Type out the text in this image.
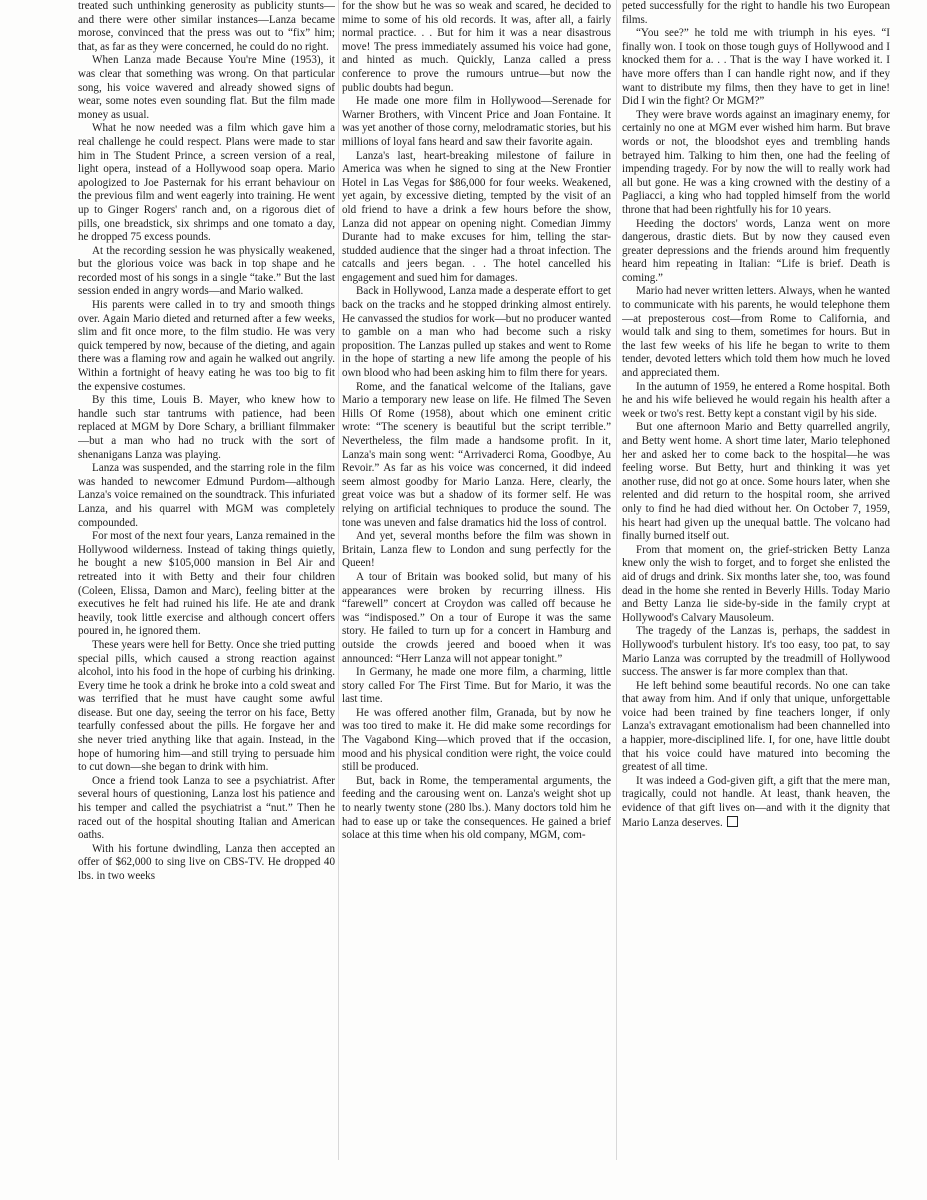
treated such unthinking generosity as publicity stunts—and there were other similar instances—Lanza became morose, convinced that the press was out to “fix” him; that, as far as they were concerned, he could do no right.

When Lanza made Because You're Mine (1953), it was clear that something was wrong. On that particular song, his voice wavered and already showed signs of wear, some notes even sounding flat. But the film made money as usual.

What he now needed was a film which gave him a real challenge he could respect. Plans were made to star him in The Student Prince, a screen version of a real, light opera, instead of a Hollywood soap opera. Mario apologized to Joe Pasternak for his errant behaviour on the previous film and went eagerly into training. He went up to Ginger Rogers' ranch and, on a rigorous diet of pills, one breadstick, six shrimps and one tomato a day, he dropped 75 excess pounds.

At the recording session he was physically weakened, but the glorious voice was back in top shape and he recorded most of his songs in a single “take.” But the last session ended in angry words—and Mario walked.

His parents were called in to try and smooth things over. Again Mario dieted and returned after a few weeks, slim and fit once more, to the film studio. He was very quick tempered by now, because of the dieting, and again there was a flaming row and again he walked out angrily. Within a fortnight of heavy eating he was too big to fit the expensive costumes.

By this time, Louis B. Mayer, who knew how to handle such star tantrums with patience, had been replaced at MGM by Dore Schary, a brilliant filmmaker—but a man who had no truck with the sort of shenanigans Lanza was playing.

Lanza was suspended, and the starring role in the film was handed to newcomer Edmund Purdom—although Lanza's voice remained on the soundtrack. This infuriated Lanza, and his quarrel with MGM was completely compounded.

For most of the next four years, Lanza remained in the Hollywood wilderness. Instead of taking things quietly, he bought a new $105,000 mansion in Bel Air and retreated into it with Betty and their four children (Coleen, Elissa, Damon and Marc), feeling bitter at the executives he felt had ruined his life. He ate and drank heavily, took little exercise and although concert offers poured in, he ignored them.

These years were hell for Betty. Once she tried putting special pills, which caused a strong reaction against alcohol, into his food in the hope of curbing his drinking. Every time he took a drink he broke into a cold sweat and was terrified that he must have caught some awful disease. But one day, seeing the terror on his face, Betty tearfully confessed about the pills. He forgave her and she never tried anything like that again. Instead, in the hope of humoring him—and still trying to persuade him to cut down—she began to drink with him.

Once a friend took Lanza to see a psychiatrist. After several hours of questioning, Lanza lost his patience and his temper and called the psychiatrist a “nut.” Then he raced out of the hospital shouting Italian and American oaths.

With his fortune dwindling, Lanza then accepted an offer of $62,000 to sing live on CBS-TV. He dropped 40 lbs. in two weeks

for the show but he was so weak and scared, he decided to mime to some of his old records. It was, after all, a fairly normal practice. . . But for him it was a near disastrous move! The press immediately assumed his voice had gone, and hinted as much. Quickly, Lanza called a press conference to prove the rumours untrue—but now the public doubts had begun.

He made one more film in Hollywood—Serenade for Warner Brothers, with Vincent Price and Joan Fontaine. It was yet another of those corny, melodramatic stories, but his millions of loyal fans heard and saw their favorite again.

Lanza's last, heart-breaking milestone of failure in America was when he signed to sing at the New Frontier Hotel in Las Vegas for $86,000 for four weeks. Weakened, yet again, by excessive dieting, tempted by the visit of an old friend to have a drink a few hours before the show, Lanza did not appear on opening night. Comedian Jimmy Durante had to make excuses for him, telling the star-studded audience that the singer had a throat infection. The catcalls and jeers began. . . The hotel cancelled his engagement and sued him for damages.

Back in Hollywood, Lanza made a desperate effort to get back on the tracks and he stopped drinking almost entirely. He canvassed the studios for work—but no producer wanted to gamble on a man who had become such a risky proposition. The Lanzas pulled up stakes and went to Rome in the hope of starting a new life among the people of his own blood who had been asking him to film there for years.

Rome, and the fanatical welcome of the Italians, gave Mario a temporary new lease on life. He filmed The Seven Hills Of Rome (1958), about which one eminent critic wrote: “The scenery is beautiful but the script terrible.” Nevertheless, the film made a handsome profit. In it, Lanza's main song went: “Arrivaderci Roma, Goodbye, Au Revoir.” As far as his voice was concerned, it did indeed seem almost goodby for Mario Lanza. Here, clearly, the great voice was but a shadow of its former self. He was relying on artificial techniques to produce the sound. The tone was uneven and false dramatics hid the loss of control.

And yet, several months before the film was shown in Britain, Lanza flew to London and sung perfectly for the Queen!

A tour of Britain was booked solid, but many of his appearances were broken by recurring illness. His “farewell” concert at Croydon was called off because he was “indisposed.” On a tour of Europe it was the same story. He failed to turn up for a concert in Hamburg and outside the crowds jeered and booed when it was announced: “Herr Lanza will not appear tonight.”

In Germany, he made one more film, a charming, little story called For The First Time. But for Mario, it was the last time.

He was offered another film, Granada, but by now he was too tired to make it. He did make some recordings for The Vagabond King—which proved that if the occasion, mood and his physical condition were right, the voice could still be produced.

But, back in Rome, the temperamental arguments, the feeding and the carousing went on. Lanza's weight shot up to nearly twenty stone (280 lbs.). Many doctors told him he had to ease up or take the consequences. He gained a brief solace at this time when his old company, MGM, com-

peted successfully for the right to handle his two European films.

“You see?” he told me with triumph in his eyes. “I finally won. I took on those tough guys of Hollywood and I knocked them for a. . . That is the way I have worked it. I have more offers than I can handle right now, and if they want to distribute my films, then they have to get in line! Did I win the fight? Or MGM?”

They were brave words against an imaginary enemy, for certainly no one at MGM ever wished him harm. But brave words or not, the bloodshot eyes and trembling hands betrayed him. Talking to him then, one had the feeling of impending tragedy. For by now the will to really work had all but gone. He was a king crowned with the destiny of a Pagliacci, a king who had toppled himself from the world throne that had been rightfully his for 10 years.

Heeding the doctors' words, Lanza went on more dangerous, drastic diets. But by now they caused even greater depressions and the friends around him frequently heard him repeating in Italian: “Life is brief. Death is coming.”

Mario had never written letters. Always, when he wanted to communicate with his parents, he would telephone them—at preposterous cost—from Rome to California, and would talk and sing to them, sometimes for hours. But in the last few weeks of his life he began to write to them tender, devoted letters which told them how much he loved and appreciated them.

In the autumn of 1959, he entered a Rome hospital. Both he and his wife believed he would regain his health after a week or two's rest. Betty kept a constant vigil by his side.

But one afternoon Mario and Betty quarrelled angrily, and Betty went home. A short time later, Mario telephoned her and asked her to come back to the hospital—he was feeling worse. But Betty, hurt and thinking it was yet another ruse, did not go at once. Some hours later, when she relented and did return to the hospital room, she arrived only to find he had died without her. On October 7, 1959, his heart had given up the unequal battle. The volcano had finally burned itself out.

From that moment on, the grief-stricken Betty Lanza knew only the wish to forget, and to forget she enlisted the aid of drugs and drink. Six months later she, too, was found dead in the home she rented in Beverly Hills. Today Mario and Betty Lanza lie side-by-side in the family crypt at Hollywood's Calvary Mausoleum.

The tragedy of the Lanzas is, perhaps, the saddest in Hollywood's turbulent history. It's too easy, too pat, to say Mario Lanza was corrupted by the treadmill of Hollywood success. The answer is far more complex than that.

He left behind some beautiful records. No one can take that away from him. And if only that unique, unforgettable voice had been trained by fine teachers longer, if only Lanza's extravagant emotionalism had been channelled into a happier, more-disciplined life. I, for one, have little doubt that his voice could have matured into becoming the greatest of all time.

It was indeed a God-given gift, a gift that the mere man, tragically, could not handle. At least, thank heaven, the evidence of that gift lives on—and with it the dignity that Mario Lanza deserves.
